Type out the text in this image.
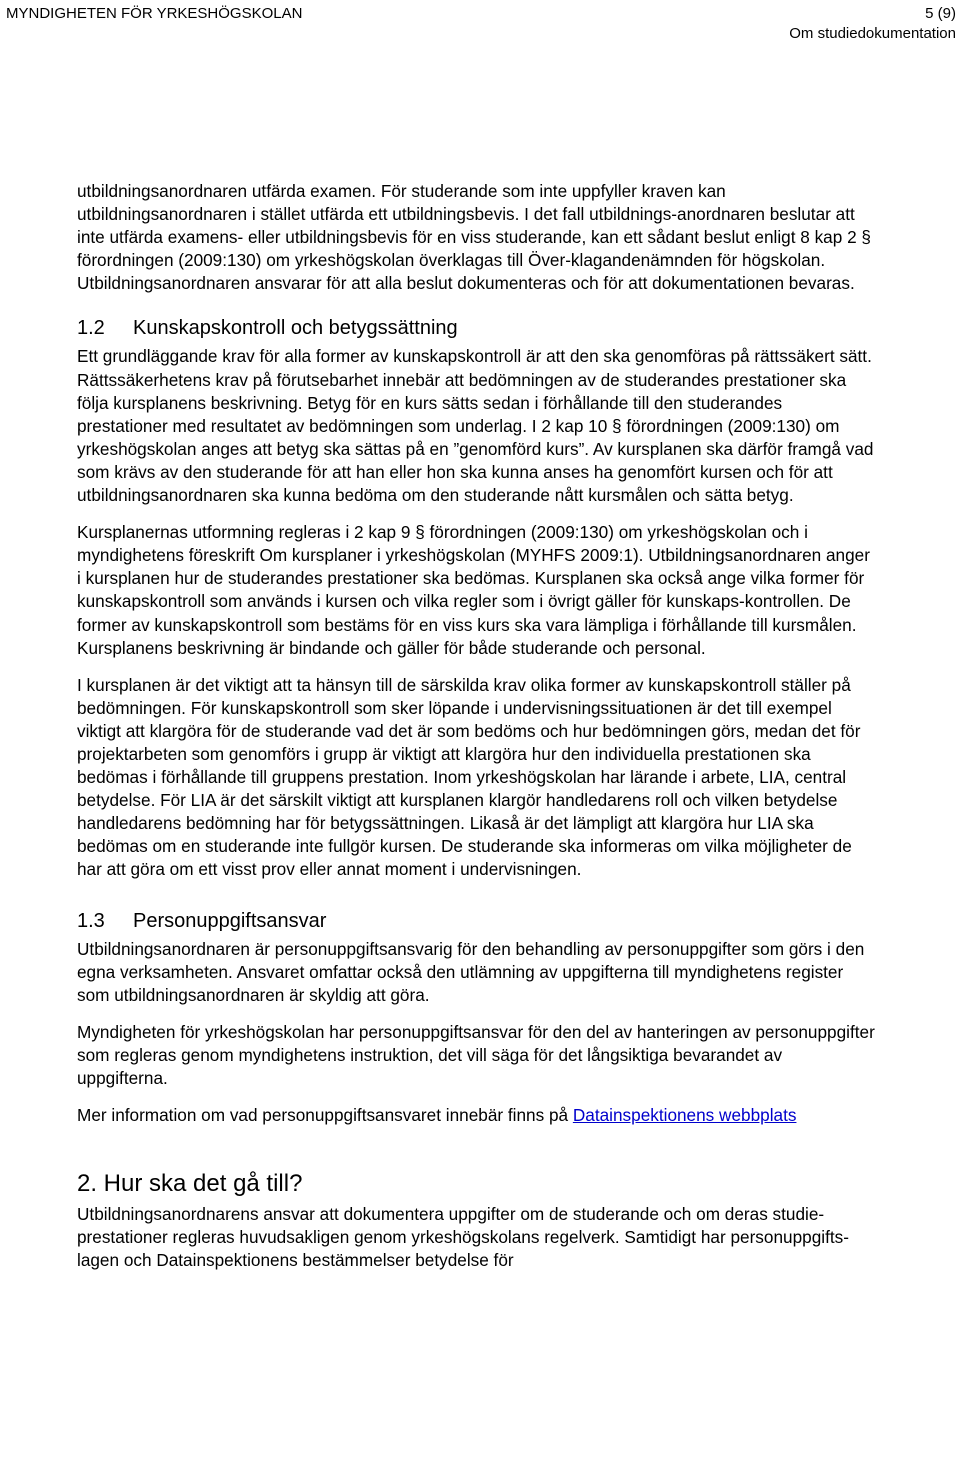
MYNDIGHETEN FÖR YRKESHÖGSKOLAN	5 (9)
Om studiedokumentation

utbildningsanordnaren utfärda examen. För studerande som inte uppfyller kraven kan utbildningsanordnaren i stället utfärda ett utbildningsbevis. I det fall utbildnings-anordnaren beslutar att inte utfärda examens- eller utbildningsbevis för en viss studerande, kan ett sådant beslut enligt 8 kap 2 § förordningen (2009:130) om yrkeshögskolan överklagas till Över-klagandenämnden för högskolan. Utbildningsanordnaren ansvarar för att alla beslut dokumenteras och för att dokumentationen bevaras.

1.2 Kunskapskontroll och betygssättning

Ett grundläggande krav för alla former av kunskapskontroll är att den ska genomföras på rättssäkert sätt. Rättssäkerhetens krav på förutsebarhet innebär att bedömningen av de studerandes prestationer ska följa kursplanens beskrivning. Betyg för en kurs sätts sedan i förhållande till den studerandes prestationer med resultatet av bedömningen som underlag. I 2 kap 10 § förordningen (2009:130) om yrkeshögskolan anges att betyg ska sättas på en ”genomförd kurs”. Av kursplanen ska därför framgå vad som krävs av den studerande för att han eller hon ska kunna anses ha genomfört kursen och för att utbildningsanordnaren ska kunna bedöma om den studerande nått kursmålen och sätta betyg.

Kursplanernas utformning regleras i 2 kap 9 § förordningen (2009:130) om yrkeshögskolan och i myndighetens föreskrift Om kursplaner i yrkeshögskolan (MYHFS 2009:1). Utbildningsanordnaren anger i kursplanen hur de studerandes prestationer ska bedömas. Kursplanen ska också ange vilka former för kunskapskontroll som används i kursen och vilka regler som i övrigt gäller för kunskaps-kontrollen. De former av kunskapskontroll som bestäms för en viss kurs ska vara lämpliga i förhållande till kursmålen. Kursplanens beskrivning är bindande och gäller för både studerande och personal.

I kursplanen är det viktigt att ta hänsyn till de särskilda krav olika former av kunskapskontroll ställer på bedömningen. För kunskapskontroll som sker löpande i undervisningssituationen är det till exempel viktigt att klargöra för de studerande vad det är som bedöms och hur bedömningen görs, medan det för projektarbeten som genomförs i grupp är viktigt att klargöra hur den individuella prestationen ska bedömas i förhållande till gruppens prestation. Inom yrkeshögskolan har lärande i arbete, LIA, central betydelse. För LIA är det särskilt viktigt att kursplanen klargör handledarens roll och vilken betydelse handledarens bedömning har för betygssättningen. Likaså är det lämpligt att klargöra hur LIA ska bedömas om en studerande inte fullgör kursen. De studerande ska informeras om vilka möjligheter de har att göra om ett visst prov eller annat moment i undervisningen.

1.3 Personuppgiftsansvar

Utbildningsanordnaren är personuppgiftsansvarig för den behandling av personuppgifter som görs i den egna verksamheten. Ansvaret omfattar också den utlämning av uppgifterna till myndighetens register som utbildningsanordnaren är skyldig att göra.

Myndigheten för yrkeshögskolan har personuppgiftsansvar för den del av hanteringen av personuppgifter som regleras genom myndighetens instruktion, det vill säga för det långsiktiga bevarandet av uppgifterna.

Mer information om vad personuppgiftsansvaret innebär finns på Datainspektionens webbplats

2. Hur ska det gå till?

Utbildningsanordnarens ansvar att dokumentera uppgifter om de studerande och om deras studie-prestationer regleras huvudsakligen genom yrkeshögskolans regelverk. Samtidigt har personuppgifts-lagen och Datainspektionens bestämmelser betydelse för
